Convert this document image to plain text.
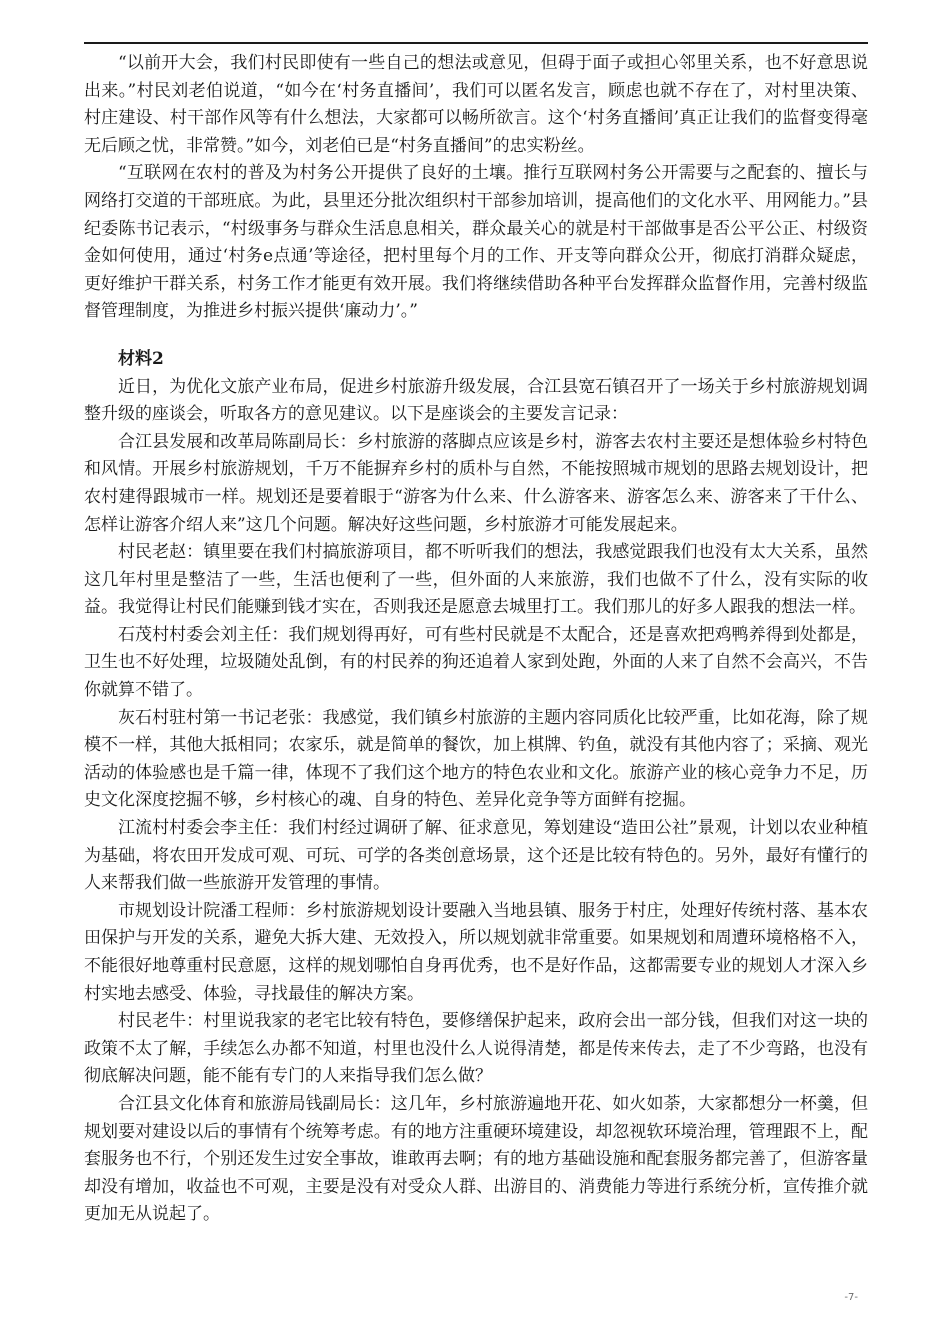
“以前开大会，我们村民即使有一些自己的想法或意见，但碍于面子或担心邻里关系，也不好意思说出来。”村民刘老伯说道，“如今在‘村务直播间’，我们可以匿名发言，顾虑也就不存在了，对村里决策、村庄建设、村干部作风等有什么想法，大家都可以畅所欲言。这个‘村务直播间’真正让我们的监督变得毫无后顾之忧，非常赞。”如今，刘老伯已是“村务直播间”的忠实粉丝。

“互联网在农村的普及为村务公开提供了良好的土壤。推行互联网村务公开需要与之配套的、擅长与网络打交道的干部班底。为此，县里还分批次组织村干部参加培训，提高他们的文化水平、用网能力。”县纪委陈书记表示，“村级事务与群众生活息息相关，群众最关心的就是村干部做事是否公平公正、村级资金如何使用，通过‘村务e点通’等途径，把村里每个月的工作、开支等向群众公开，彻底打消群众疑虑，更好维护干群关系，村务工作才能更有效开展。我们将继续借助各种平台发挥群众监督作用，完善村级监督管理制度，为推进乡村振兴提供‘廉动力’。”

材料2

近日，为优化文旅产业布局，促进乡村旅游升级发展，合江县宽石镇召开了一场关于乡村旅游规划调整升级的座谈会，听取各方的意见建议。以下是座谈会的主要发言记录：

合江县发展和改革局陈副局长：乡村旅游的落脚点应该是乡村，游客去农村主要还是想体验乡村特色和风情。开展乡村旅游规划，千万不能摒弃乡村的质朴与自然，不能按照城市规划的思路去规划设计，把农村建得跟城市一样。规划还是要着眼于“游客为什么来、什么游客来、游客怎么来、游客来了干什么、怎样让游客介绍人来”这几个问题。解决好这些问题，乡村旅游才可能发展起来。

村民老赵：镇里要在我们村搞旅游项目，都不听听我们的想法，我感觉跟我们也没有太大关系，虽然这几年村里是整洁了一些，生活也便利了一些，但外面的人来旅游，我们也做不了什么，没有实际的收益。我觉得让村民们能赚到钱才实在，否则我还是愿意去城里打工。我们那儿的好多人跟我的想法一样。

石茂村村委会刘主任：我们规划得再好，可有些村民就是不太配合，还是喜欢把鸡鸭养得到处都是，卫生也不好处理，垃圾随处乱倒，有的村民养的狗还追着人家到处跑，外面的人来了自然不会高兴，不告你就算不错了。

灰石村驻村第一书记老张：我感觉，我们镇乡村旅游的主题内容同质化比较严重，比如花海，除了规模不一样，其他大抵相同；农家乐，就是简单的餐饮，加上棋牌、钓鱼，就没有其他内容了；采摘、观光活动的体验感也是千篇一律，体现不了我们这个地方的特色农业和文化。旅游产业的核心竞争力不足，历史文化深度挖掘不够，乡村核心的魂、自身的特色、差异化竞争等方面鲜有挖掘。

江流村村委会李主任：我们村经过调研了解、征求意见，筹划建设“造田公社”景观，计划以农业种植为基础，将农田开发成可观、可玩、可学的各类创意场景，这个还是比较有特色的。另外，最好有懂行的人来帮我们做一些旅游开发管理的事情。

市规划设计院潘工程师：乡村旅游规划设计要融入当地县镇、服务于村庄，处理好传统村落、基本农田保护与开发的关系，避免大拆大建、无效投入，所以规划就非常重要。如果规划和周遭环境格格不入，不能很好地尊重村民意愿，这样的规划哪怕自身再优秀，也不是好作品，这都需要专业的规划人才深入乡村实地去感受、体验，寻找最佳的解决方案。

村民老牛：村里说我家的老宅比较有特色，要修缮保护起来，政府会出一部分钱，但我们对这一块的政策不太了解，手续怎么办都不知道，村里也没什么人说得清楚，都是传来传去，走了不少弯路，也没有彻底解决问题，能不能有专门的人来指导我们怎么做？

合江县文化体育和旅游局钱副局长：这几年，乡村旅游遍地开花、如火如荼，大家都想分一杯羹，但规划要对建设以后的事情有个统筹考虑。有的地方注重硬环境建设，却忽视软环境治理，管理跟不上，配套服务也不行，个别还发生过安全事故，谁敢再去啊；有的地方基础设施和配套服务都完善了，但游客量却没有增加，收益也不可观，主要是没有对受众人群、出游目的、消费能力等进行系统分析，宣传推介就更加无从说起了。

-7-
